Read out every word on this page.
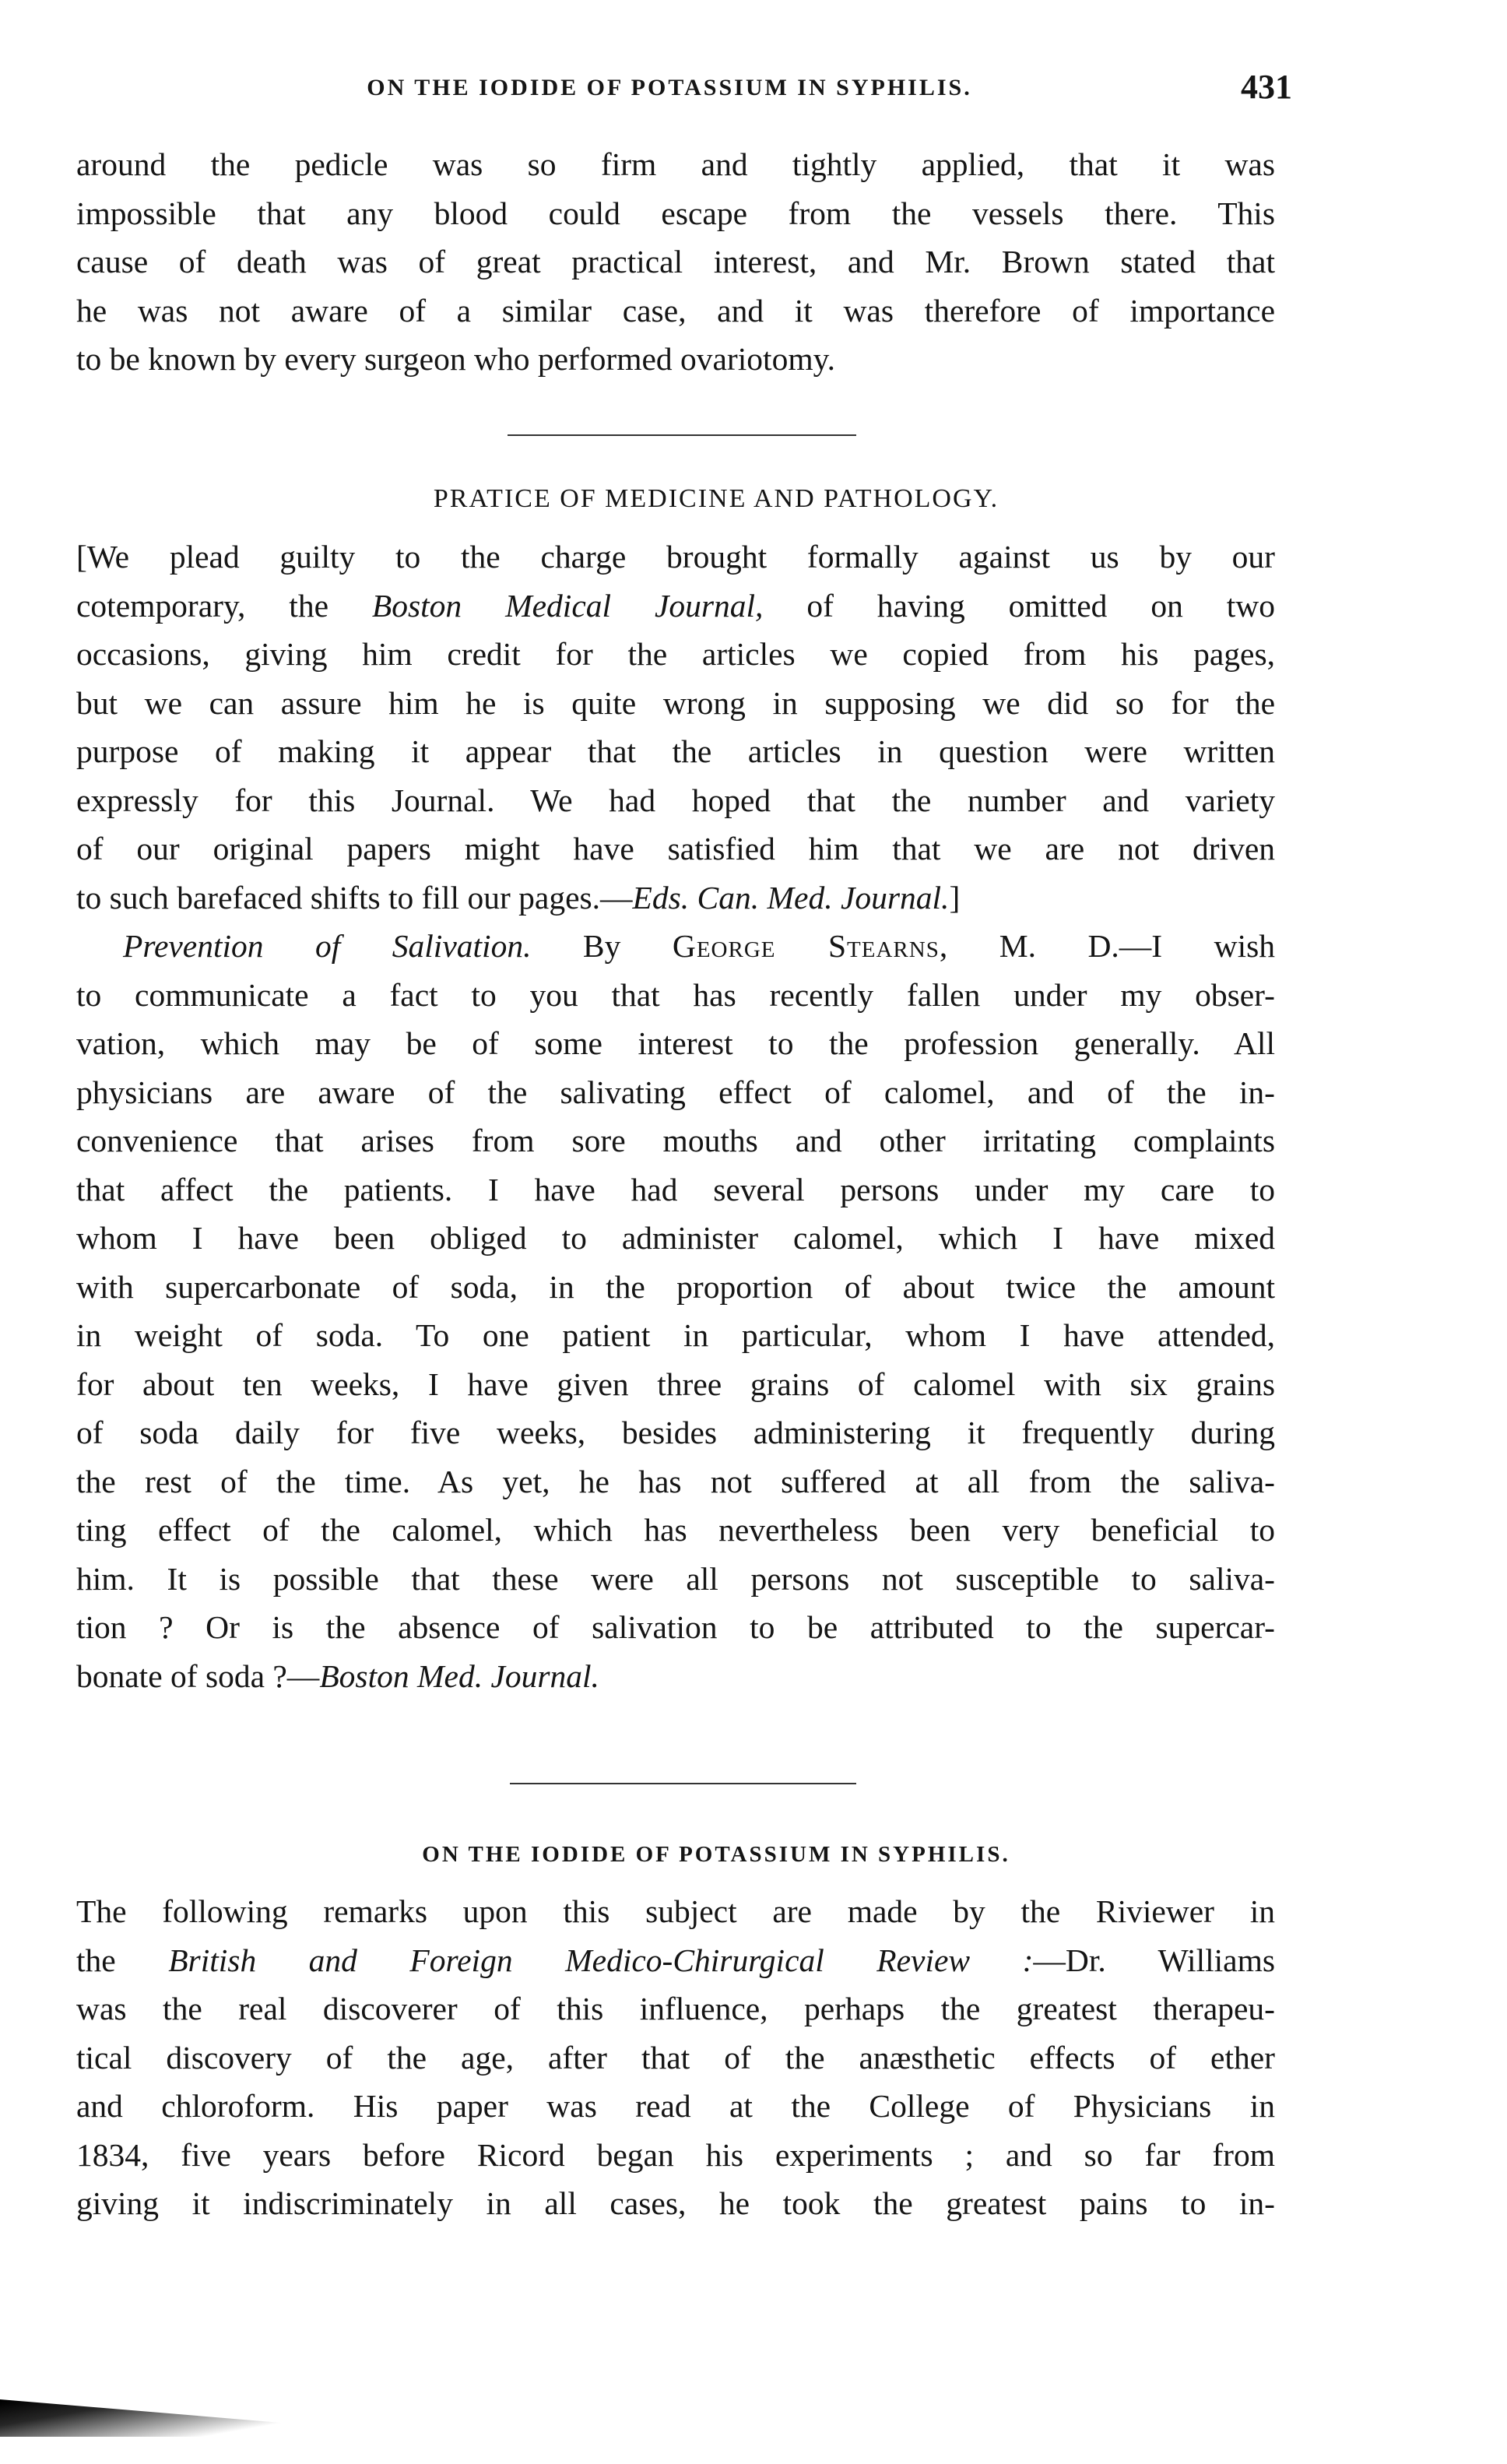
ON THE IODIDE OF POTASSIUM IN SYPHILIS.	431
around the pedicle was so firm and tightly applied, that it was
impossible that any blood could escape from the vessels there. This
cause of death was of great practical interest, and Mr. Brown stated that
he was not aware of a similar case, and it was therefore of importance
to be known by every surgeon who performed ovariotomy.
PRATICE OF MEDICINE AND PATHOLOGY.
[We plead guilty to the charge brought formally against us by our
cotemporary, the Boston Medical Journal, of having omitted on two
occasions, giving him credit for the articles we copied from his pages,
but we can assure him he is quite wrong in supposing we did so for the
purpose of making it appear that the articles in question were written
expressly for this Journal. We had hoped that the number and variety
of our original papers might have satisfied him that we are not driven
to such barefaced shifts to fill our pages.—Eds. Can. Med. Journal.]
Prevention of Salivation. By George Stearns, M. D.—I wish
to communicate a fact to you that has recently fallen under my obser-
vation, which may be of some interest to the profession generally. All
physicians are aware of the salivating effect of calomel, and of the in-
convenience that arises from sore mouths and other irritating complaints
that affect the patients. I have had several persons under my care to
whom I have been obliged to administer calomel, which I have mixed
with supercarbonate of soda, in the proportion of about twice the amount
in weight of soda. To one patient in particular, whom I have attended,
for about ten weeks, I have given three grains of calomel with six grains
of soda daily for five weeks, besides administering it frequently during
the rest of the time. As yet, he has not suffered at all from the saliva-
ting effect of the calomel, which has nevertheless been very beneficial to
him. It is possible that these were all persons not susceptible to saliva-
tion ? Or is the absence of salivation to be attributed to the supercar-
bonate of soda ?—Boston Med. Journal.
ON THE IODIDE OF POTASSIUM IN SYPHILIS.
The following remarks upon this subject are made by the Riviewer in
the British and Foreign Medico-Chirurgical Review :—Dr. Williams
was the real discoverer of this influence, perhaps the greatest therapeu-
tical discovery of the age, after that of the anæsthetic effects of ether
and chloroform. His paper was read at the College of Physicians in
1834, five years before Ricord began his experiments ; and so far from
giving it indiscriminately in all cases, he took the greatest pains to in-
